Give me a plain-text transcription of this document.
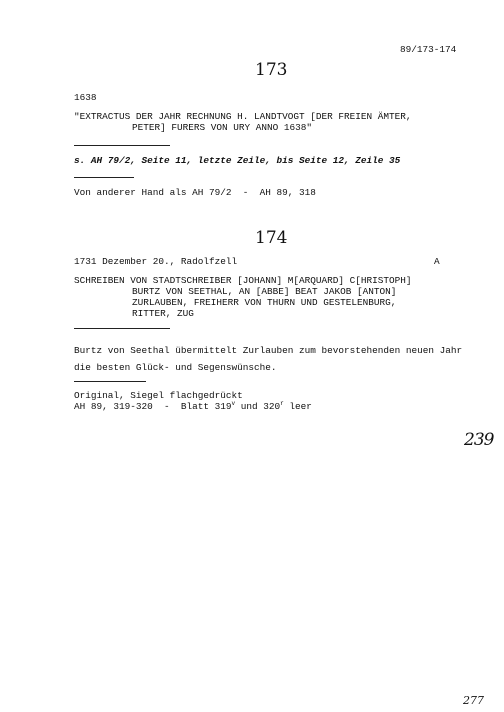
89/173-174
173
1638
"EXTRACTUS DER JAHR RECHNUNG H. LANDTVOGT [DER FREIEN ÄMTER,
PETER] FURERS VON URY ANNO 1638"
s. AH 79/2, Seite 11, letzte Zeile, bis Seite 12, Zeile 35
Von anderer Hand als AH 79/2  -  AH 89, 318
174
1731 Dezember 20., Radolfzell	A
SCHREIBEN VON STADTSCHREIBER [JOHANN] M[ARQUARD] C[HRISTOPH]
BURTZ VON SEETHAL, AN [ABBE] BEAT JAKOB [ANTON]
ZURLAUBEN, FREIHERR VON THURN UND GESTELENBURG,
RITTER, ZUG
Burtz von Seethal übermittelt Zurlauben zum bevorstehenden neuen Jahr
die besten Glück- und Segenswünsche.
Original, Siegel flachgedrückt
AH 89, 319-320  -  Blatt 319$^v$ und 320$^r$ leer
239
277
